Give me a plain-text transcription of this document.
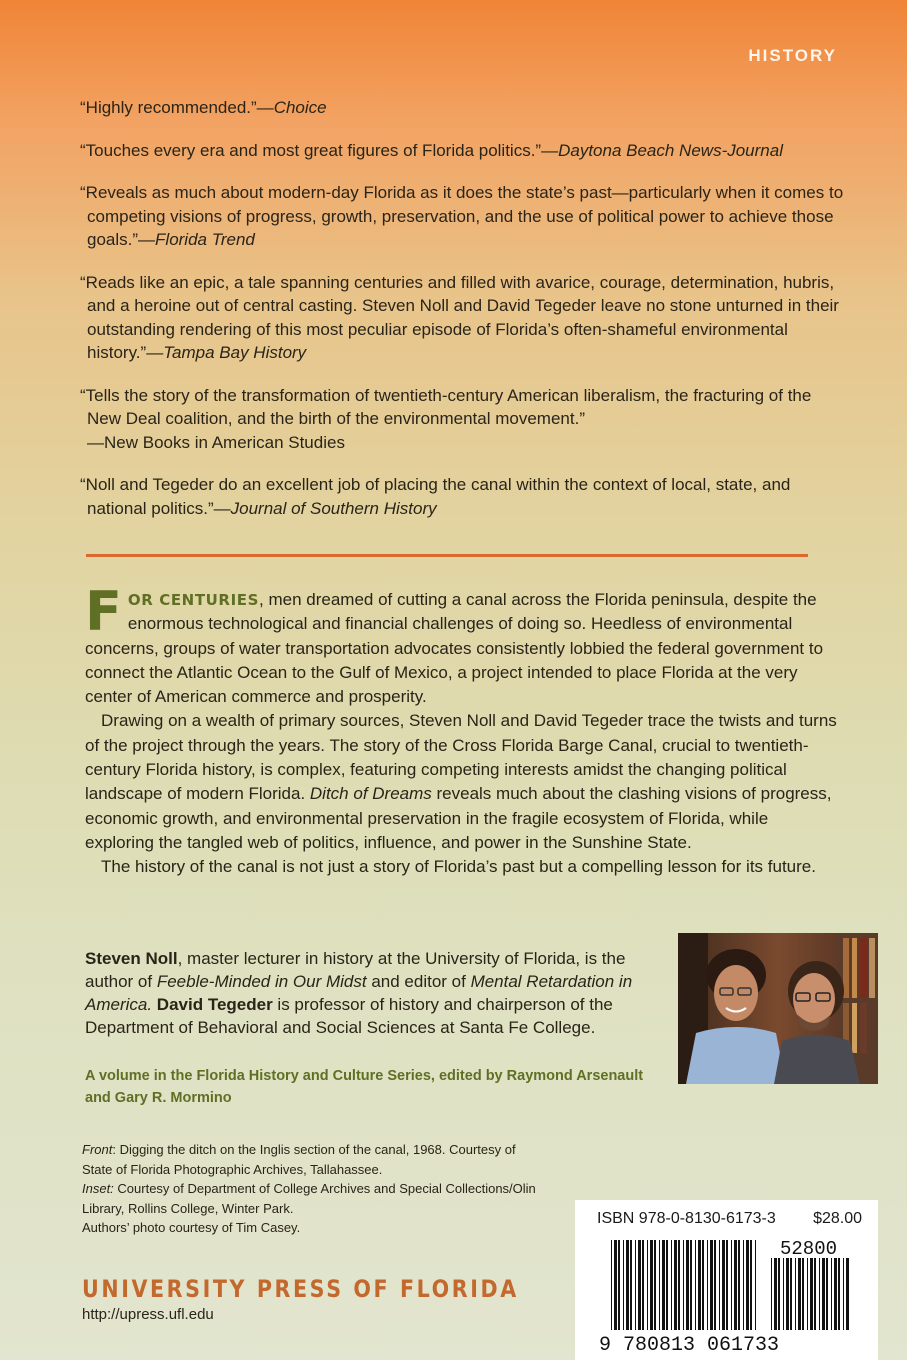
HISTORY

“Highly recommended.”—Choice

“Touches every era and most great figures of Florida politics.”—Daytona Beach News-Journal

“Reveals as much about modern-day Florida as it does the state’s past—particularly when it comes to competing visions of progress, growth, preservation, and the use of political power to achieve those goals.”—Florida Trend

“Reads like an epic, a tale spanning centuries and filled with avarice, courage, determination, hubris, and a heroine out of central casting. Steven Noll and David Tegeder leave no stone unturned in their outstanding rendering of this most peculiar episode of Florida’s often-shameful environmental history.”—Tampa Bay History

“Tells the story of the transformation of twentieth-century American liberalism, the fracturing of the New Deal coalition, and the birth of the environmental movement.”
—New Books in American Studies

“Noll and Tegeder do an excellent job of placing the canal within the context of local, state, and national politics.”—Journal of Southern History

FOR CENTURIES, men dreamed of cutting a canal across the Florida peninsula, despite the enormous technological and financial challenges of doing so. Heedless of environmental concerns, groups of water transportation advocates consistently lobbied the federal government to connect the Atlantic Ocean to the Gulf of Mexico, a project intended to place Florida at the very center of American commerce and prosperity.

Drawing on a wealth of primary sources, Steven Noll and David Tegeder trace the twists and turns of the project through the years. The story of the Cross Florida Barge Canal, crucial to twentieth-century Florida history, is complex, featuring competing interests amidst the changing political landscape of modern Florida. Ditch of Dreams reveals much about the clashing visions of progress, economic growth, and environmental preservation in the fragile ecosystem of Florida, while exploring the tangled web of politics, influence, and power in the Sunshine State.

The history of the canal is not just a story of Florida’s past but a compelling lesson for its future.

Steven Noll, master lecturer in history at the University of Florida, is the author of Feeble-Minded in Our Midst and editor of Mental Retardation in America. David Tegeder is professor of history and chairperson of the Department of Behavioral and Social Sciences at Santa Fe College.

A volume in the Florida History and Culture Series, edited by Raymond Arsenault and Gary R. Mormino

Front: Digging the ditch on the Inglis section of the canal, 1968. Courtesy of State of Florida Photographic Archives, Tallahassee.

Inset: Courtesy of Department of College Archives and Special Collections/Olin Library, Rollins College, Winter Park.

Authors’ photo courtesy of Tim Casey.

UNIVERSITY PRESS OF FLORIDA
http://upress.ufl.edu
ISBN 978-0-8130-6173-3 $28.00
9 780813 061733
52800
